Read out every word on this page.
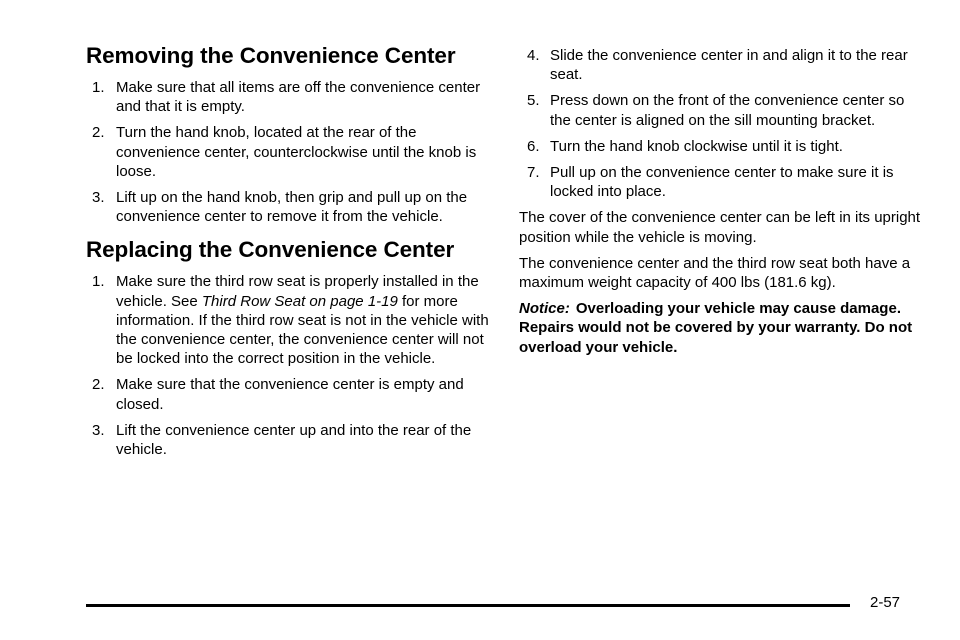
Removing the Convenience Center
1. Make sure that all items are off the convenience center and that it is empty.
2. Turn the hand knob, located at the rear of the convenience center, counterclockwise until the knob is loose.
3. Lift up on the hand knob, then grip and pull up on the convenience center to remove it from the vehicle.
Replacing the Convenience Center
1. Make sure the third row seat is properly installed in the vehicle. See Third Row Seat on page 1-19 for more information. If the third row seat is not in the vehicle with the convenience center, the convenience center will not be locked into the correct position in the vehicle.
2. Make sure that the convenience center is empty and closed.
3. Lift the convenience center up and into the rear of the vehicle.
4. Slide the convenience center in and align it to the rear seat.
5. Press down on the front of the convenience center so the center is aligned on the sill mounting bracket.
6. Turn the hand knob clockwise until it is tight.
7. Pull up on the convenience center to make sure it is locked into place.

The cover of the convenience center can be left in its upright position while the vehicle is moving.

The convenience center and the third row seat both have a maximum weight capacity of 400 lbs (181.6 kg).

Notice: Overloading your vehicle may cause damage. Repairs would not be covered by your warranty. Do not overload your vehicle.

2-57
